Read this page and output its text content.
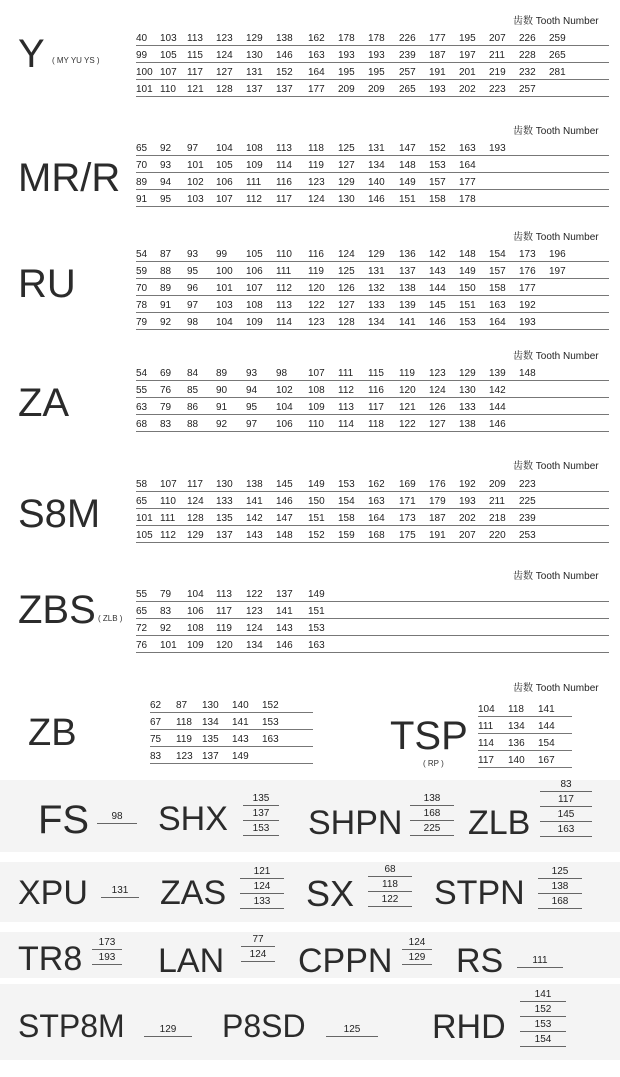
齿数 Tooth Number
Y ( MY YU YS )
40 103 113 123 129 138 162 178 178 226 177 195 207 226 259
99 105 115 124 130 146 163 193 193 239 187 197 211 228 265
100 107 117 127 131 152 164 195 195 257 191 201 219 232 281
101 110 121 128 137 137 177 209 209 265 193 202 223 257
齿数 Tooth Number
MR/R
65 92 97 104 108 113 118 125 131 147 152 163 193
70 93 101 105 109 114 119 127 134 148 153 164
89 94 102 106 111 116 123 129 140 149 157 177
91 95 103 107 112 117 124 130 146 151 158 178
齿数 Tooth Number
RU
54 87 93 99 105 110 116 124 129 136 142 148 154 173 196
59 88 95 100 106 111 119 125 131 137 143 149 157 176 197
70 89 96 101 107 112 120 126 132 138 144 150 158 177
78 91 97 103 108 113 122 127 133 139 145 151 163 192
79 92 98 104 109 114 123 128 134 141 146 153 164 193
齿数 Tooth Number
ZA
54 69 84 89 93 98 107 111 115 119 123 129 139 148
55 76 85 90 94 102 108 112 116 120 124 130 142
63 79 86 91 95 104 109 113 117 121 126 133 144
68 83 88 92 97 106 110 114 118 122 127 138 146
齿数 Tooth Number
S8M
58 107 117 130 138 145 149 153 162 169 176 192 209 223
65 110 124 133 141 146 150 154 163 171 179 193 211 225
101 111 128 135 142 147 151 158 164 173 187 202 218 239
105 112 129 137 143 148 152 159 168 175 191 207 220 253
齿数 Tooth Number
ZBS ( ZLB )
55 79 104 113 122 137 149
65 83 106 117 123 141 151
72 92 108 119 124 143 153
76 101 109 120 134 146 163
齿数 Tooth Number
ZB
62 87 130 140 152
67 118 134 141 153
75 119 135 143 163
83 123 137 149	TSP
( RP )
104 118 141
111 134 144
114 136 154
117 140 167
FS	98	SHX
135
137
153 SHPN
138
168
225 ZLB
83
117
145
163
XPU	131 ZAS
121
124
133 SX
68
118
122	STPN
125
138
168
TR8	173
193 LAN
77
124 CPPN	124
129 RS	111
STP8M	129	P8SD	125	RHD
141
152
153
154
